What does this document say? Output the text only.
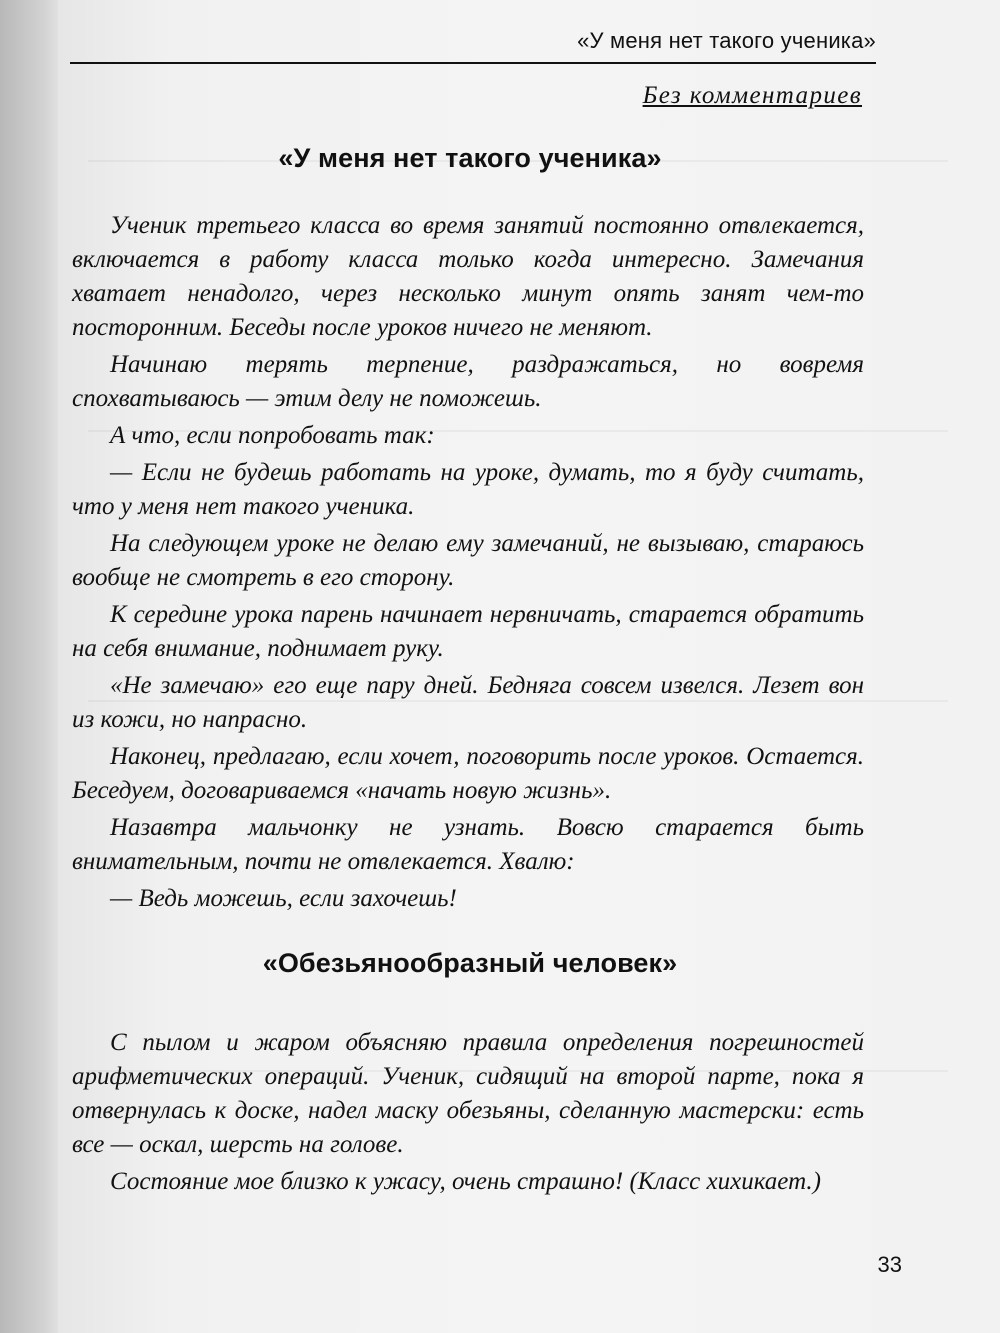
«У меня нет такого ученика»
Без комментариев
«У меня нет такого ученика»

Ученик третьего класса во время занятий постоянно отвлекается, включается в работу класса только когда интересно. Замечания хватает ненадолго, через несколько минут опять занят чем-то посторонним. Беседы после уроков ничего не меняют.

Начинаю терять терпение, раздражаться, но вовремя спохватываюсь — этим делу не поможешь.

А что, если попробовать так:

— Если не будешь работать на уроке, думать, то я буду считать, что у меня нет такого ученика.

На следующем уроке не делаю ему замечаний, не вызываю, стараюсь вообще не смотреть в его сторону.

К середине урока парень начинает нервничать, старается обратить на себя внимание, поднимает руку.

«Не замечаю» его еще пару дней. Бедняга совсем извелся. Лезет вон из кожи, но напрасно.

Наконец, предлагаю, если хочет, поговорить после уроков. Остается. Беседуем, договариваемся «начать новую жизнь».

Назавтра мальчонку не узнать. Вовсю старается быть внимательным, почти не отвлекается. Хвалю:

— Ведь можешь, если захочешь!

«Обезьянообразный человек»

С пылом и жаром объясняю правила определения погрешностей арифметических операций. Ученик, сидящий на второй парте, пока я отвернулась к доске, надел маску обезьяны, сделанную мастерски: есть все — оскал, шерсть на голове.

Состояние мое близко к ужасу, очень страшно! (Класс хихикает.)

33
